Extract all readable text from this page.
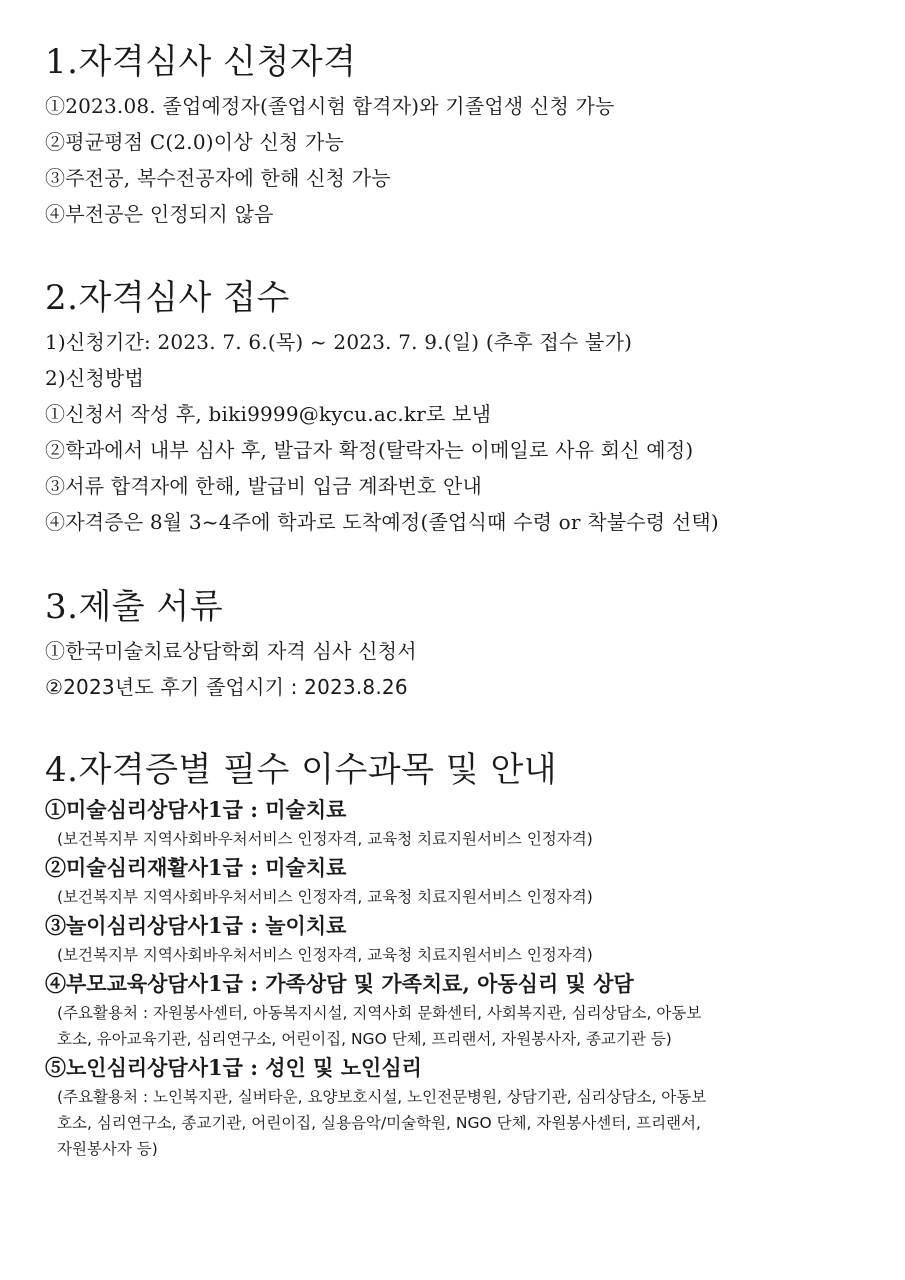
1.자격심사 신청자격

①2023.08. 졸업예정자(졸업시험 합격자)와 기졸업생 신청 가능

②평균평점 C(2.0)이상 신청 가능

③주전공, 복수전공자에 한해 신청 가능

④부전공은 인정되지 않음

2.자격심사 접수

1)신청기간: 2023. 7. 6.(목) ~ 2023. 7. 9.(일) (추후 접수 불가)

2)신청방법

①신청서 작성 후, biki9999@kycu.ac.kr로 보냄

②학과에서 내부 심사 후, 발급자 확정(탈락자는 이메일로 사유 회신 예정)

③서류 합격자에 한해, 발급비 입금 계좌번호 안내

④자격증은 8월 3~4주에 학과로 도착예정(졸업식때 수령 or 착불수령 선택)

3.제출 서류

①한국미술치료상담학회 자격 심사 신청서

②2023년도 후기 졸업시기 : 2023.8.26

4.자격증별 필수 이수과목 및 안내

①미술심리상담사1급 : 미술치료

(보건복지부 지역사회바우처서비스 인정자격, 교육청 치료지원서비스 인정자격)

②미술심리재활사1급 : 미술치료

(보건복지부 지역사회바우처서비스 인정자격, 교육청 치료지원서비스 인정자격)

③놀이심리상담사1급 : 놀이치료

(보건복지부 지역사회바우처서비스 인정자격, 교육청 치료지원서비스 인정자격)

④부모교육상담사1급 : 가족상담 및 가족치료, 아동심리 및 상담

(주요활용처 : 자원봉사센터, 아동복지시설, 지역사회 문화센터, 사회복지관, 심리상담소, 아동보

호소, 유아교육기관, 심리연구소, 어린이집, NGO 단체, 프리랜서, 자원봉사자, 종교기관 등)

⑤노인심리상담사1급 : 성인 및 노인심리

(주요활용처 : 노인복지관, 실버타운, 요양보호시설, 노인전문병원, 상담기관, 심리상담소, 아동보

호소, 심리연구소, 종교기관, 어린이집, 실용음악/미술학원, NGO 단체, 자원봉사센터, 프리랜서,

자원봉사자 등)
